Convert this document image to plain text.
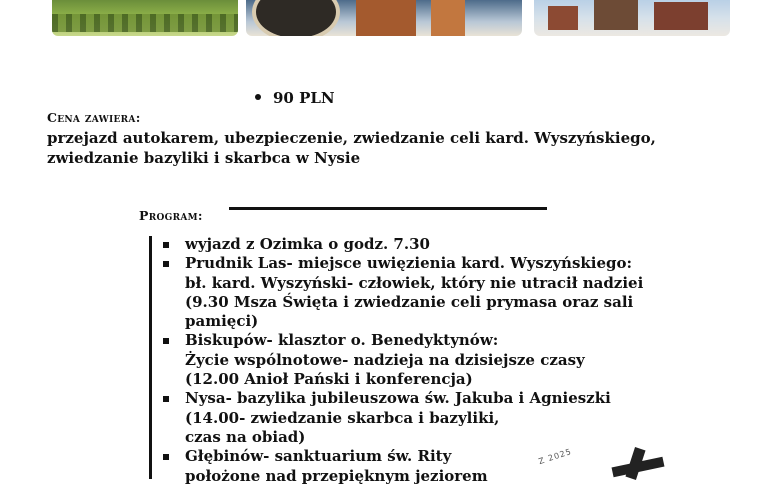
90 PLN
Cena zawiera:
przejazd autokarem, ubezpieczenie, zwiedzanie celi kard. Wyszyńskiego, zwiedzanie bazyliki i skarbca w Nysie
Program:
wyjazd z Ozimka o godz. 7.30
Prudnik Las- miejsce uwięzienia kard. Wyszyńskiego:
bł. kard. Wyszyński- człowiek, który nie utracił nadziei
(9.30 Msza Święta i zwiedzanie celi prymasa oraz sali
pamięci)
Biskupów- klasztor o. Benedyktynów:
Życie wspólnotowe- nadzieja na dzisiejsze czasy
(12.00 Anioł Pański i konferencja)
Nysa- bazylika jubileuszowa św. Jakuba i Agnieszki
(14.00- zwiedzanie skarbca i bazyliki,
czas na obiad)
Głębinów- sanktuarium św. Rity
położone nad przepięknym jeziorem
Z 2025
